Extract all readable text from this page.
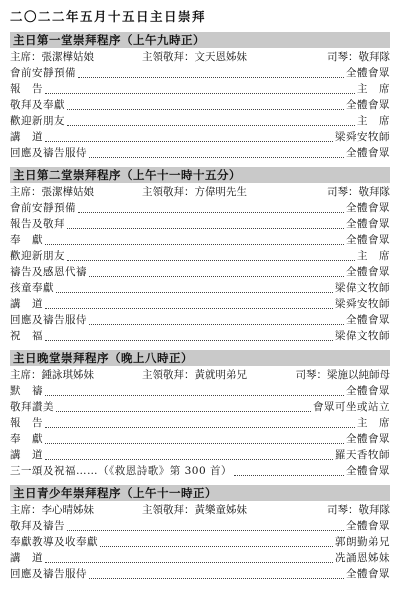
二〇二二年五月十五日主日崇拜
主日第一堂崇拜程序（上午九時正）
主席：張潔樺姑娘	主領敬拜：文天恩姊妹	司琴：敬拜隊
會前安靜預備	全體會眾
報　告	主　席
敬拜及奉獻	全體會眾
歡迎新朋友	主　席
講　道	梁舜安牧師
回應及禱告服侍	全體會眾
主日第二堂崇拜程序（上午十一時十五分）
主席：張潔樺姑娘	主領敬拜：方偉明先生	司琴：敬拜隊
會前安靜預備	全體會眾
報告及敬拜	全體會眾
奉　獻	全體會眾
歡迎新朋友	主　席
禱告及感恩代禱	全體會眾
孩童奉獻	梁偉文牧師
講　道	梁舜安牧師
回應及禱告服侍	全體會眾
祝　福	梁偉文牧師
主日晚堂崇拜程序（晚上八時正）
主席：鍾詠琪姊妹	主領敬拜：黃就明弟兄	司琴：梁施以純師母
默　禱	全體會眾
敬拜讚美	會眾可坐或站立
報　告	主　席
奉　獻	全體會眾
講　道	羅天香牧師
三一頌及祝福……（《救恩詩歌》第 300 首）	全體會眾
主日青少年崇拜程序（上午十一時正）
主席：李心晴姊妹	主領敬拜：黃樂童姊妹	司琴：敬拜隊
敬拜及禱告	全體會眾
奉獻教導及收奉獻	郭朗勤弟兄
講　道	冼誦恩姊妹
回應及禱告服侍	全體會眾
